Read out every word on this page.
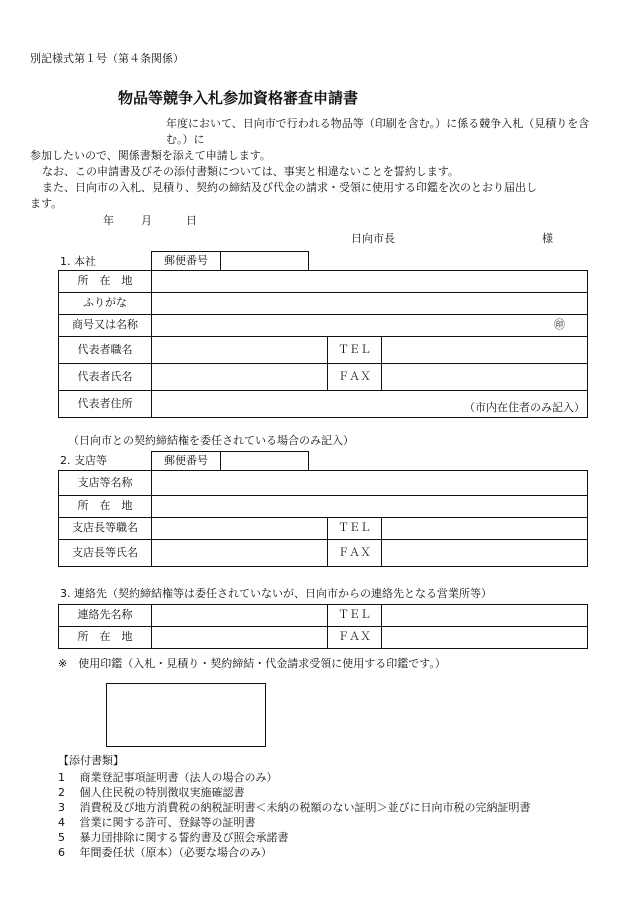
別記様式第１号（第４条関係）
物品等競争入札参加資格審査申請書
年度において、日向市で行われる物品等（印刷を含む。）に係る競争入札（見積りを含む。）に
参加したいので、関係書類を添えて申請します。
なお、この申請書及びその添付書類については、事実と相違ないことを誓約します。
また、日向市の入札、見積り、契約の締結及び代金の請求・受領に使用する印鑑を次のとおり届出し
ます。
年 月	日
日向市長	様
1. 本社	郵便番号
所　在　地			
ふりがな			
商号又は名称	㊞		
代表者職名		ＴＥＬ	
代表者氏名		ＦＡＸ	
代表者住所	（市内在住者のみ記入）		
（日向市との契約締結権を委任されている場合のみ記入）
2. 支店等	郵便番号
支店等名称			
所　在　地			
支店長等職名		ＴＥＬ	
支店長等氏名		ＦＡＸ	
3. 連絡先（契約締結権等は委任されていないが、日向市からの連絡先となる営業所等）
連絡先名称		ＴＥＬ	
所　在　地		ＦＡＸ	
※　使用印鑑（入札・見積り・契約締結・代金請求受領に使用する印鑑です。）
【添付書類】
1　 商業登記事項証明書（法人の場合のみ）
2　 個人住民税の特別徴収実施確認書
3　 消費税及び地方消費税の納税証明書＜未納の税額のない証明＞並びに日向市税の完納証明書
4　 営業に関する許可、登録等の証明書
5　 暴力団排除に関する誓約書及び照会承諾書
6　 年間委任状（原本）（必要な場合のみ）
